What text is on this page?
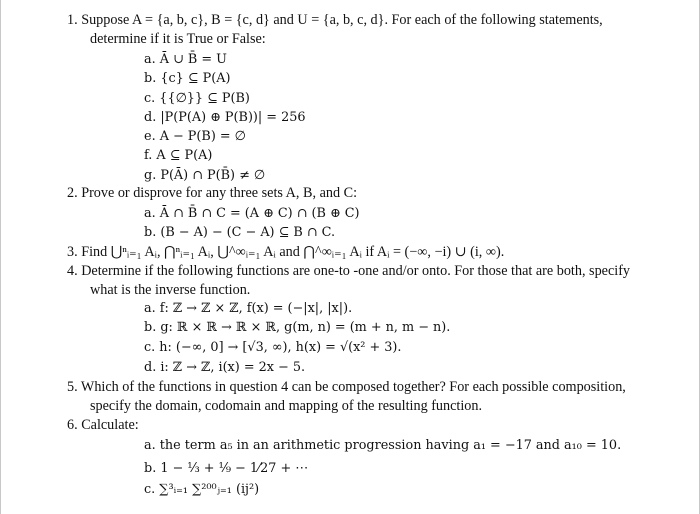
1. Suppose A = {a, b, c}, B = {c, d} and U = {a, b, c, d}. For each of the following statements,
determine if it is True or False:
a. Ā ∪ B̄ = U
b. {c} ⊆ P(A)
c. {{∅}} ⊆ P(B)
d. |P(P(A) ⊕ P(B))| = 256
e. A − P(B) = ∅
f. A ⊆ P(A)
g. P(Ā) ∩ P(B̄) ≠ ∅
2. Prove or disprove for any three sets A, B, and C:
a. Ā ∩ B̄ ∩ C = (A ⊕ C) ∩ (B ⊕ C)
b. (B − A) − (C − A) ⊆ B ∩ C.
3. Find ⋃ⁿᵢ₌₁ Aᵢ, ⋂ⁿᵢ₌₁ Aᵢ, ⋃^∞ᵢ₌₁ Aᵢ and ⋂^∞ᵢ₌₁ Aᵢ if Aᵢ = (−∞, −i) ∪ (i, ∞).
4. Determine if the following functions are one-to -one and/or onto. For those that are both, specify
what is the inverse function.
a. f: ℤ → ℤ × ℤ, f(x) = (−|x|, |x|).
b. g: ℝ × ℝ → ℝ × ℝ, g(m, n) = (m + n, m − n).
c. h: (−∞, 0] → [√3, ∞), h(x) = √(x² + 3).
d. i: ℤ → ℤ, i(x) = 2x − 5.
5. Which of the functions in question 4 can be composed together? For each possible composition,
specify the domain, codomain and mapping of the resulting function.
6. Calculate:
a. the term a₅ in an arithmetic progression having a₁ = −17 and a₁₀ = 10.
b. 1 − ⅓ + ⅑ − 1⁄27 + ⋯
c. ∑³ᵢ₌₁ ∑²⁰⁰ⱼ₌₁ (ij²)
